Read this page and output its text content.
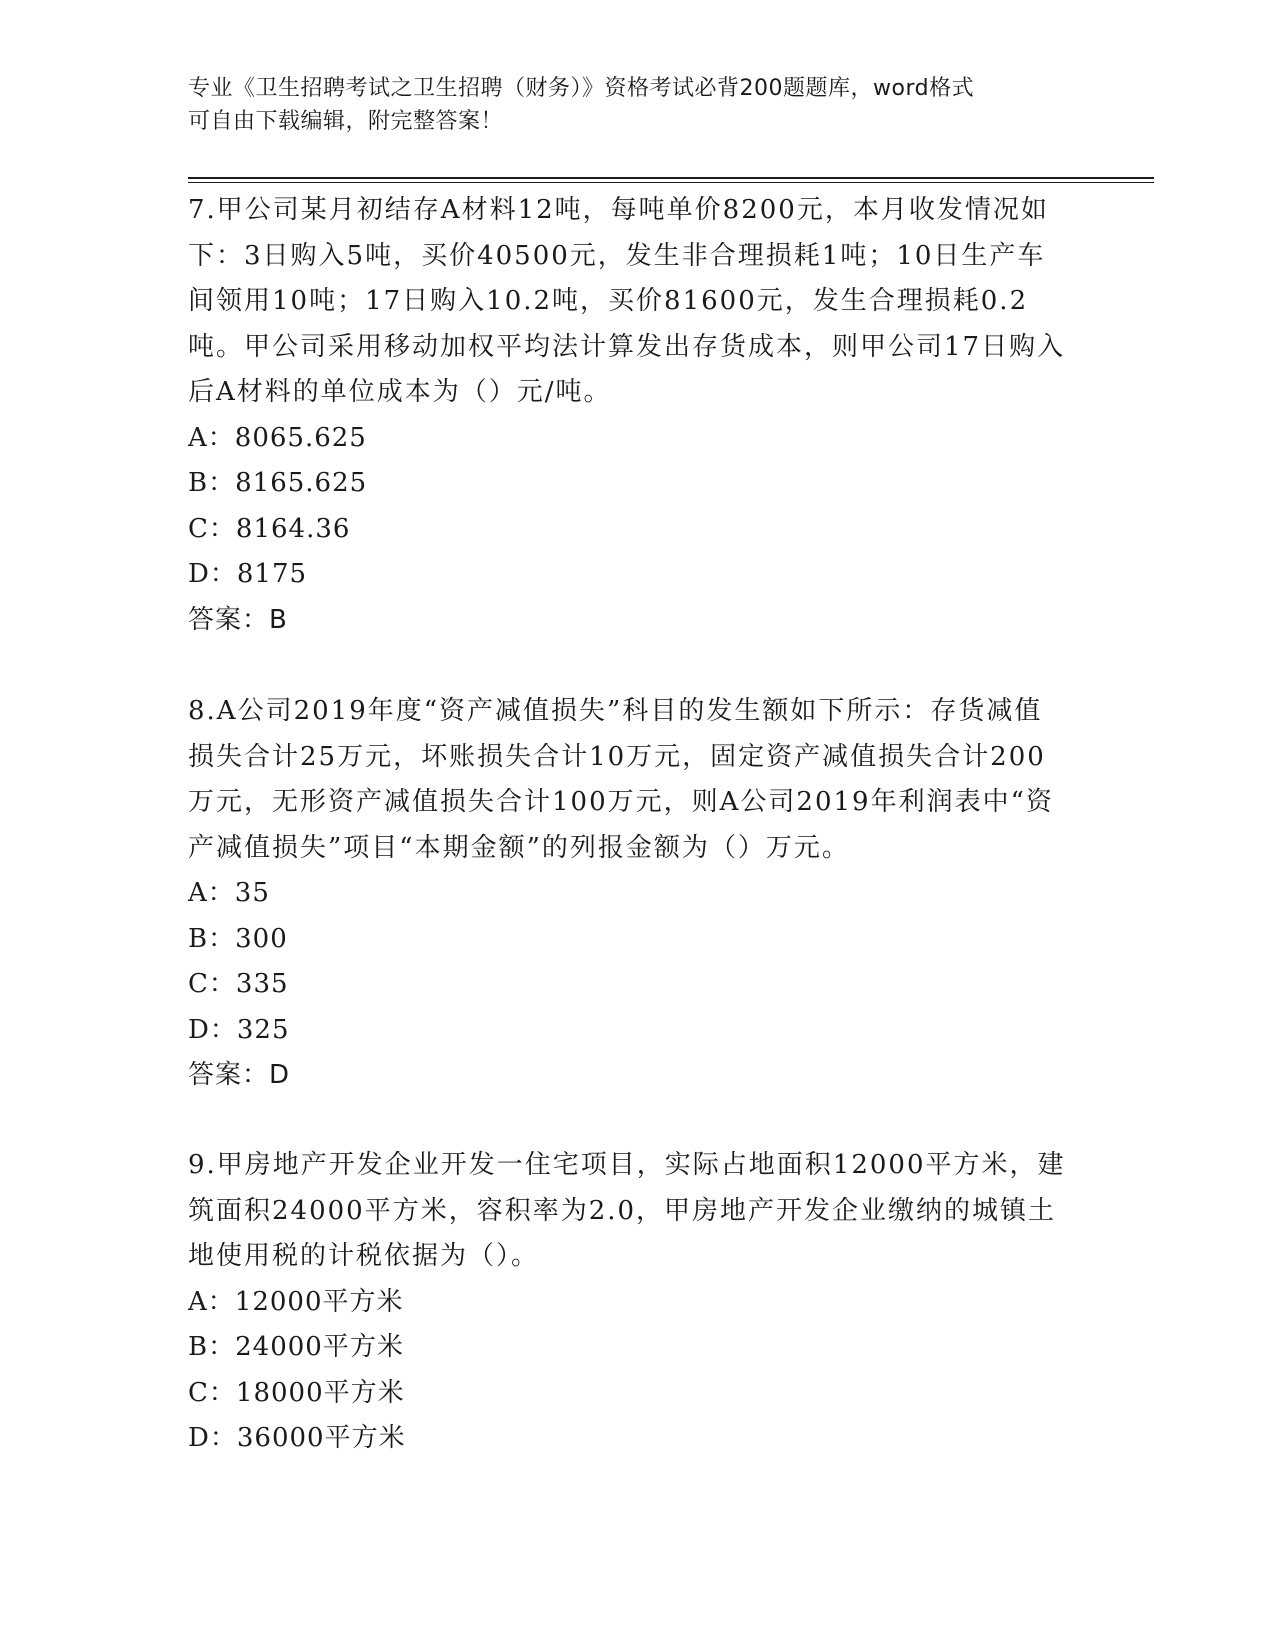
专业《卫生招聘考试之卫生招聘（财务）》资格考试必背200题题库，word格式
可自由下载编辑，附完整答案！

7.甲公司某月初结存A材料12吨，每吨单价8200元，本月收发情况如下：3日购入5吨，买价40500元，发生非合理损耗1吨；10日生产车间领用10吨；17日购入10.2吨，买价81600元，发生合理损耗0.2吨。甲公司采用移动加权平均法计算发出存货成本，则甲公司17日购入后A材料的单位成本为（）元/吨。

A： 8065.625
B： 8165.625
C： 8164.36
D： 8175

答案：B

8.A公司2019年度“资产减值损失”科目的发生额如下所示：存货减值损失合计25万元，坏账损失合计10万元，固定资产减值损失合计200万元，无形资产减值损失合计100万元，则A公司2019年利润表中“资产减值损失”项目“本期金额”的列报金额为（）万元。

A： 35
B： 300
C： 335
D： 325

答案：D

9.甲房地产开发企业开发一住宅项目，实际占地面积12000平方米，建筑面积24000平方米，容积率为2.0，甲房地产开发企业缴纳的城镇土地使用税的计税依据为（）。

A： 12000平方米
B： 24000平方米
C： 18000平方米
D： 36000平方米
